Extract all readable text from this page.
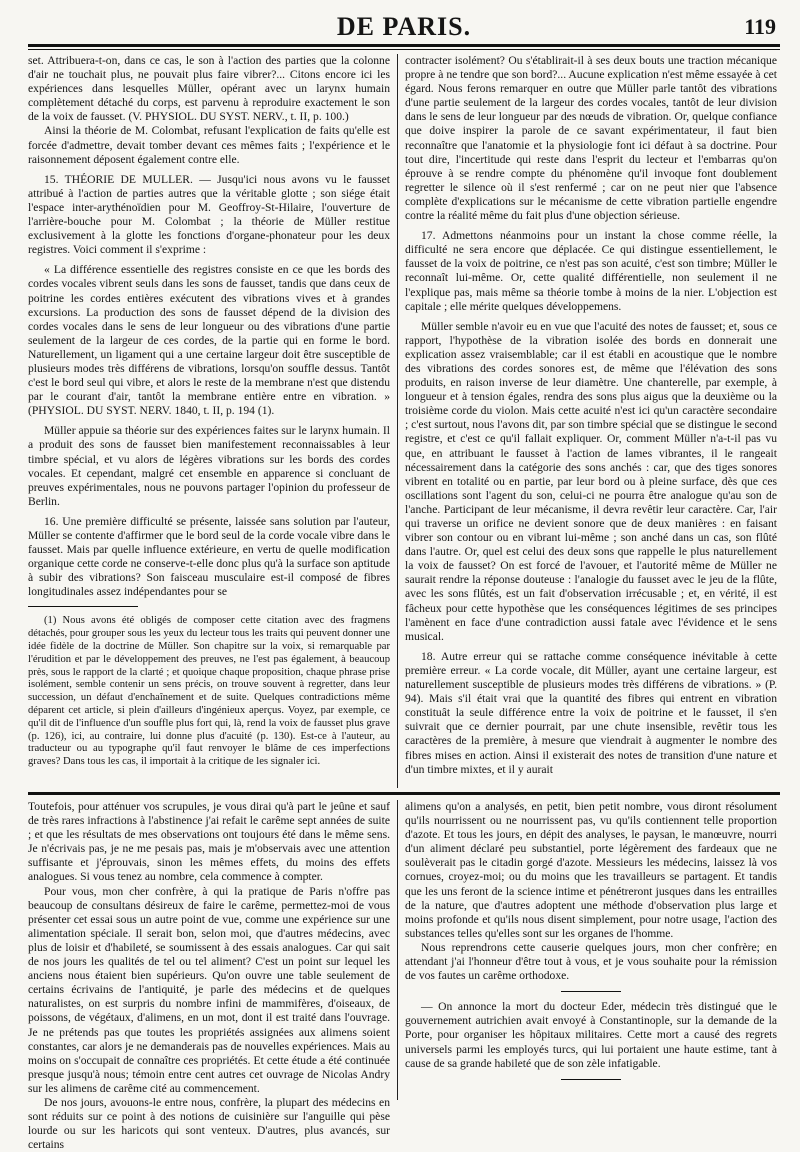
DE PARIS.	119

set. Attribuera-t-on, dans ce cas, le son à l'action des parties que la colonne d'air ne touchait plus, ne pouvait plus faire vibrer?... Citons encore ici les expériences dans lesquelles Müller, opérant avec un larynx humain complètement détaché du corps, est parvenu à reproduire exactement le son de la voix de fausset. (V. PHYSIOL. DU SYST. NERV., t. II, p. 100.)

Ainsi la théorie de M. Colombat, refusant l'explication de faits qu'elle est forcée d'admettre, devait tomber devant ces mêmes faits ; l'expérience et le raisonnement déposent également contre elle.

15. THÉORIE DE MULLER. — Jusqu'ici nous avons vu le fausset attribué à l'action de parties autres que la véritable glotte ; son siége était l'espace inter-arythénoïdien pour M. Geoffroy-St-Hilaire, l'ouverture de l'arrière-bouche pour M. Colombat ; la théorie de Müller restitue exclusivement à la glotte les fonctions d'organe-phonateur pour les deux registres. Voici comment il s'exprime :

« La différence essentielle des registres consiste en ce que les bords des cordes vocales vibrent seuls dans les sons de fausset, tandis que dans ceux de poitrine les cordes entières exécutent des vibrations vives et à grandes excursions. La production des sons de fausset dépend de la division des cordes vocales dans le sens de leur longueur ou des vibrations d'une partie seulement de la largeur de ces cordes, de la partie qui en forme le bord. Naturellement, un ligament qui a une certaine largeur doit être susceptible de plusieurs modes très différens de vibrations, lorsqu'on souffle dessus. Tantôt c'est le bord seul qui vibre, et alors le reste de la membrane n'est que distendu par le courant d'air, tantôt la membrane entière entre en vibration. » (PHYSIOL. DU SYST. NERV. 1840, t. II, p. 194 (1).

Müller appuie sa théorie sur des expériences faites sur le larynx humain. Il a produit des sons de fausset bien manifestement reconnaissables à leur timbre spécial, et vu alors de légères vibrations sur les bords des cordes vocales. Et cependant, malgré cet ensemble en apparence si concluant de preuves expérimentales, nous ne pouvons partager l'opinion du professeur de Berlin.

16. Une première difficulté se présente, laissée sans solution par l'auteur, Müller se contente d'affirmer que le bord seul de la corde vocale vibre dans le fausset. Mais par quelle influence extérieure, en vertu de quelle modification organique cette corde ne conserve-t-elle donc plus qu'à la surface son aptitude à subir des vibrations? Son faisceau musculaire est-il composé de fibres longitudinales assez indépendantes pour se

(1) Nous avons été obligés de composer cette citation avec des fragmens détachés, pour grouper sous les yeux du lecteur tous les traits qui peuvent donner une idée fidèle de la doctrine de Müller. Son chapitre sur la voix, si remarquable par l'érudition et par le développement des preuves, ne l'est pas également, à beaucoup près, sous le rapport de la clarté ; et quoique chaque proposition, chaque phrase prise isolément, semble contenir un sens précis, on trouve souvent à regretter, dans leur succession, un défaut d'enchaînement et de suite. Quelques contradictions même déparent cet article, si plein d'ailleurs d'ingénieux aperçus. Voyez, par exemple, ce qu'il dit de l'influence d'un souffle plus fort qui, là, rend la voix de fausset plus grave (p. 126), ici, au contraire, lui donne plus d'acuité (p. 130). Est-ce à l'auteur, au traducteur ou au typographe qu'il faut renvoyer le blâme de ces imperfections graves? Dans tous les cas, il importait à la critique de les signaler ici.

contracter isolément? Ou s'établirait-il à ses deux bouts une traction mécanique propre à ne tendre que son bord?... Aucune explication n'est même essayée à cet égard. Nous ferons remarquer en outre que Müller parle tantôt des vibrations d'une partie seulement de la largeur des cordes vocales, tantôt de leur division dans le sens de leur longueur par des nœuds de vibration. Or, quelque confiance que doive inspirer la parole de ce savant expérimentateur, il faut bien reconnaître que l'anatomie et la physiologie font ici défaut à sa doctrine. Pour tout dire, l'incertitude qui reste dans l'esprit du lecteur et l'embarras qu'on éprouve à se rendre compte du phénomène qu'il invoque font doublement regretter le silence où il s'est renfermé ; car on ne peut nier que l'absence complète d'explications sur le mécanisme de cette vibration partielle engendre contre la réalité même du fait plus d'une objection sérieuse.

17. Admettons néanmoins pour un instant la chose comme réelle, la difficulté ne sera encore que déplacée. Ce qui distingue essentiellement, le fausset de la voix de poitrine, ce n'est pas son acuité, c'est son timbre; Müller le reconnaît lui-même. Or, cette qualité différentielle, non seulement il ne l'explique pas, mais même sa théorie tombe à moins de la nier. L'objection est capitale ; elle mérite quelques développemens.

Müller semble n'avoir eu en vue que l'acuité des notes de fausset; et, sous ce rapport, l'hypothèse de la vibration isolée des bords en donnerait une explication assez vraisemblable; car il est établi en acoustique que le nombre des vibrations des cordes sonores est, de même que l'élévation des sons produits, en raison inverse de leur diamètre. Une chanterelle, par exemple, à longueur et à tension égales, rendra des sons plus aigus que la deuxième ou la troisième corde du violon. Mais cette acuité n'est ici qu'un caractère secondaire ; c'est surtout, nous l'avons dit, par son timbre spécial que se distingue le second registre, et c'est ce qu'il fallait expliquer. Or, comment Müller n'a-t-il pas vu que, en attribuant le fausset à l'action de lames vibrantes, il le rangeait nécessairement dans la catégorie des sons anchés : car, que des tiges sonores vibrent en totalité ou en partie, par leur bord ou à pleine surface, dès que ces oscillations sont l'agent du son, celui-ci ne pourra être analogue qu'au son de l'anche. Participant de leur mécanisme, il devra revêtir leur caractère. Car, l'air qui traverse un orifice ne devient sonore que de deux manières : en faisant vibrer son contour ou en vibrant lui-même ; son anché dans un cas, son flûté dans l'autre. Or, quel est celui des deux sons que rappelle le plus naturellement la voix de fausset? On est forcé de l'avouer, et l'autorité même de Müller ne saurait rendre la réponse douteuse : l'analogie du fausset avec le jeu de la flûte, avec les sons flûtés, est un fait d'observation irrécusable ; et, en vérité, il est fâcheux pour cette hypothèse que les conséquences légitimes de ses principes l'amènent en face d'une contradiction aussi fatale avec l'évidence et le sens musical.

18. Autre erreur qui se rattache comme conséquence inévitable à cette première erreur. « La corde vocale, dit Müller, ayant une certaine largeur, est naturellement susceptible de plusieurs modes très différens de vibrations. » (P. 94). Mais s'il était vrai que la quantité des fibres qui entrent en vibration constituât la seule différence entre la voix de poitrine et le fausset, il s'en suivrait que ce dernier pourrait, par une chute insensible, revêtir tous les caractères de la première, à mesure que viendrait à augmenter le nombre des fibres mises en action. Ainsi il existerait des notes de transition d'une nature et d'un timbre mixtes, et il y aurait

Toutefois, pour atténuer vos scrupules, je vous dirai qu'à part le jeûne et sauf de très rares infractions à l'abstinence j'ai refait le carême sept années de suite ; et que les résultats de mes observations ont toujours été dans le même sens. Je n'écrivais pas, je ne me pesais pas, mais je m'observais avec une attention suffisante et j'éprouvais, sinon les mêmes effets, du moins des effets analogues. Si vous tenez au nombre, cela commence à compter.

Pour vous, mon cher confrère, à qui la pratique de Paris n'offre pas beaucoup de consultans désireux de faire le carême, permettez-moi de vous présenter cet essai sous un autre point de vue, comme une expérience sur une alimentation spéciale. Il serait bon, selon moi, que d'autres médecins, avec plus de loisir et d'habileté, se soumissent à des essais analogues. Car qui sait de nos jours les qualités de tel ou tel aliment? C'est un point sur lequel les anciens nous étaient bien supérieurs. Qu'on ouvre une table seulement de certains écrivains de l'antiquité, je parle des médecins et de quelques naturalistes, on est surpris du nombre infini de mammifères, d'oiseaux, de poissons, de végétaux, d'alimens, en un mot, dont il est traité dans l'ouvrage. Je ne prétends pas que toutes les propriétés assignées aux alimens soient constantes, car alors je ne demanderais pas de nouvelles expériences. Mais au moins on s'occupait de connaître ces propriétés. Et cette étude a été continuée presque jusqu'à nous; témoin entre cent autres cet ouvrage de Nicolas Andry sur les alimens de carême cité au commencement.

De nos jours, avouons-le entre nous, confrère, la plupart des médecins en sont réduits sur ce point à des notions de cuisinière sur l'anguille qui pèse lourde ou sur les haricots qui sont venteux. D'autres, plus avancés, sur certains

alimens qu'on a analysés, en petit, bien petit nombre, vous diront résolument qu'ils nourrissent ou ne nourrissent pas, vu qu'ils contiennent telle proportion d'azote. Et tous les jours, en dépit des analyses, le paysan, le manœuvre, nourri d'un aliment déclaré peu substantiel, porte légèrement des fardeaux que ne soulèverait pas le citadin gorgé d'azote. Messieurs les médecins, laissez là vos cornues, croyez-moi; ou du moins que les travailleurs se partagent. Et tandis que les uns feront de la science intime et pénétreront jusques dans les entrailles de la nature, que d'autres adoptent une méthode d'observation plus large et moins profonde et qu'ils nous disent simplement, pour notre usage, l'action des substances telles qu'elles sont sur les organes de l'homme.

Nous reprendrons cette causerie quelques jours, mon cher confrère; en attendant j'ai l'honneur d'être tout à vous, et je vous souhaite pour la rémission de vos fautes un carême orthodoxe.

— On annonce la mort du docteur Eder, médecin très distingué que le gouvernement autrichien avait envoyé à Constantinople, sur la demande de la Porte, pour organiser les hôpitaux militaires. Cette mort a causé des regrets universels parmi les employés turcs, qui lui portaient une haute estime, tant à cause de sa grande habileté que de son zèle infatigable.
